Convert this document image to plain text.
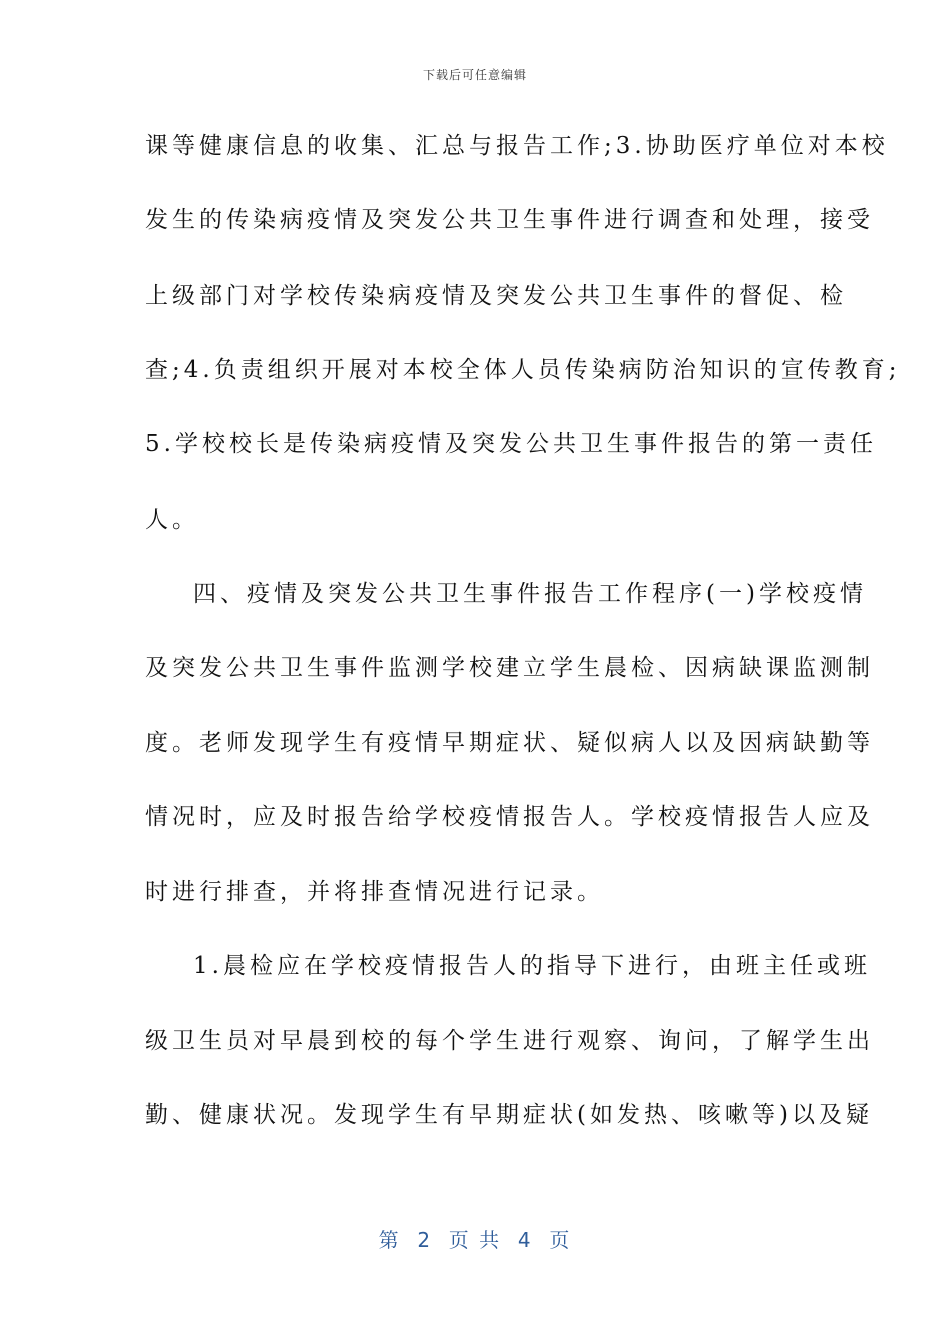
下载后可任意编辑
课等健康信息的收集、汇总与报告工作;3.协助医疗单位对本校
发生的传染病疫情及突发公共卫生事件进行调查和处理，接受
上级部门对学校传染病疫情及突发公共卫生事件的督促、检
查;4.负责组织开展对本校全体人员传染病防治知识的宣传教育;
5.学校校长是传染病疫情及突发公共卫生事件报告的第一责任
人。
四、疫情及突发公共卫生事件报告工作程序(一)学校疫情
及突发公共卫生事件监测学校建立学生晨检、因病缺课监测制
度。老师发现学生有疫情早期症状、疑似病人以及因病缺勤等
情况时，应及时报告给学校疫情报告人。学校疫情报告人应及
时进行排查，并将排查情况进行记录。
1.晨检应在学校疫情报告人的指导下进行，由班主任或班
级卫生员对早晨到校的每个学生进行观察、询问，了解学生出
勤、健康状况。发现学生有早期症状(如发热、咳嗽等)以及疑
第  2  页 共  4  页
